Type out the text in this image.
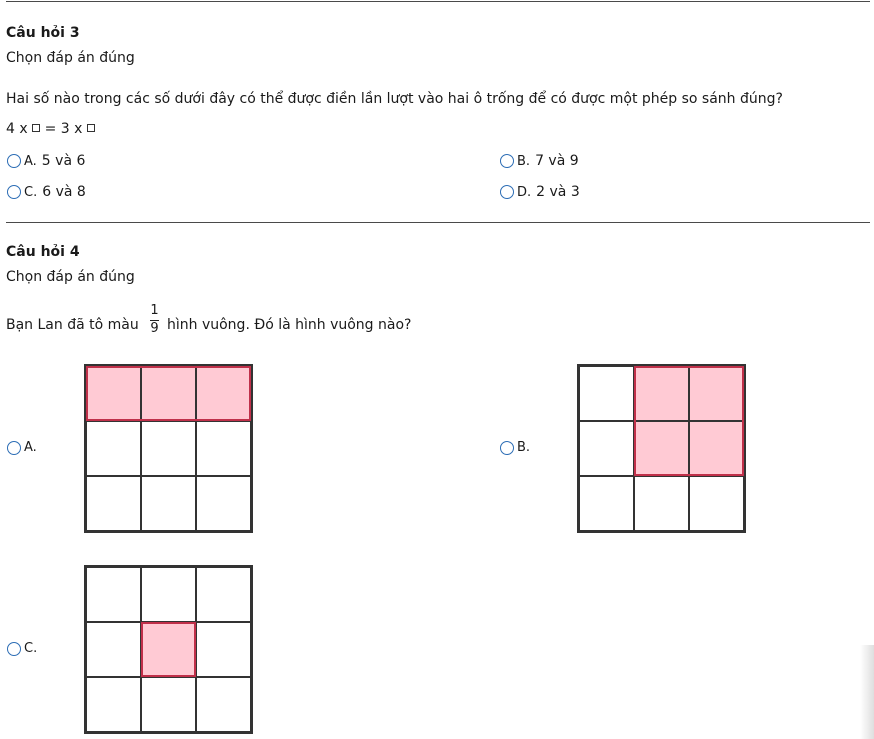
Câu hỏi 3
Chọn đáp án đúng
Hai số nào trong các số dưới đây có thể được điền lần lượt vào hai ô trống để có được một phép so sánh đúng?
4 x = 3 x
A. 5 và 6	B. 7 và 9
C. 6 và 8	D. 2 và 3
Câu hỏi 4
Chọn đáp án đúng
Bạn Lan đã tô màu
1
9 hình vuông. Đó là hình vuông nào?
A.	B.
C.
